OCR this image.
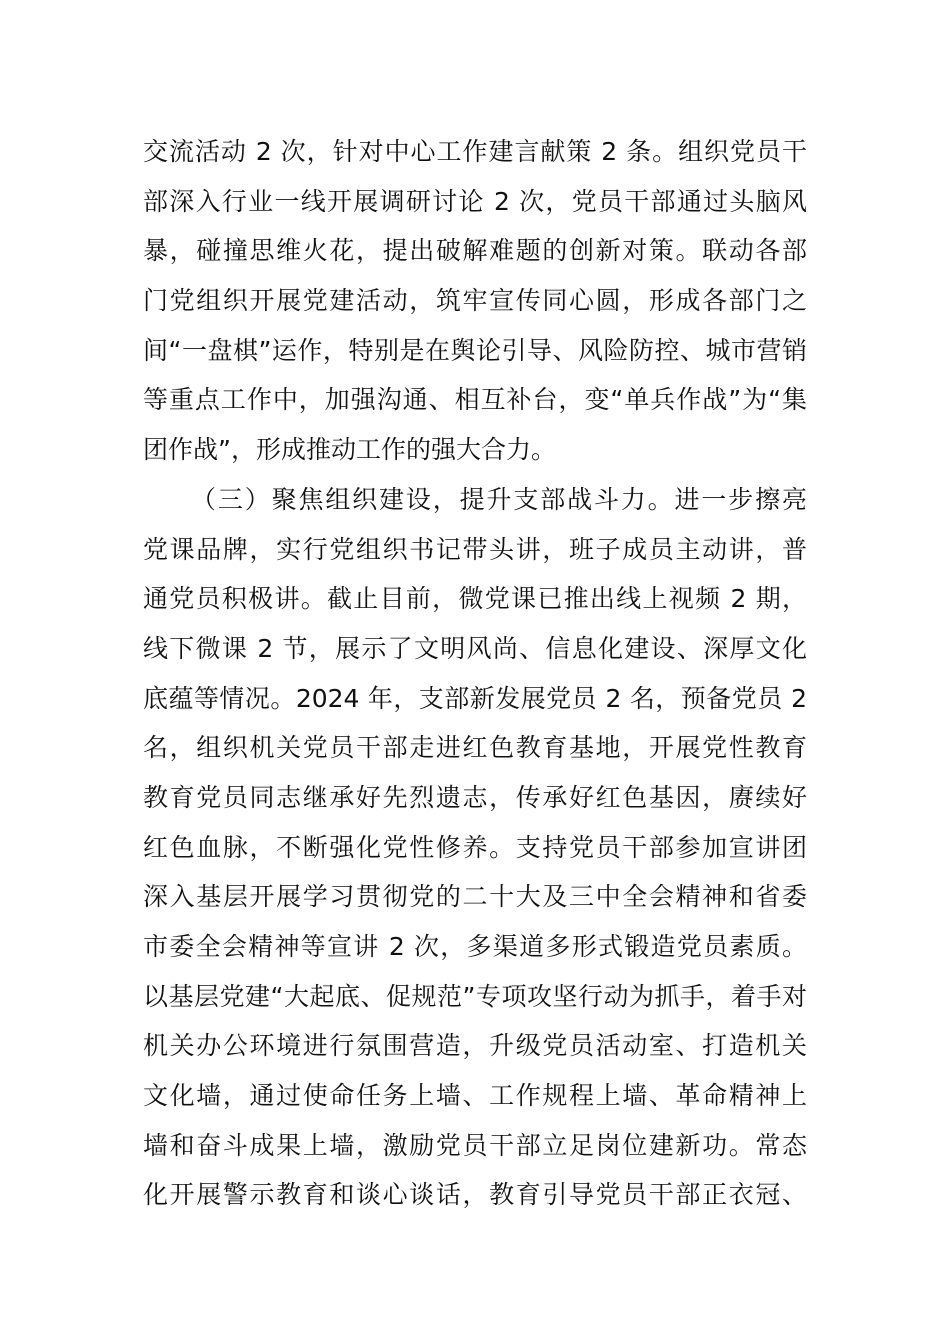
交流活动 2 次，针对中心工作建言献策 2 条。组织党员干
部深入行业一线开展调研讨论 2 次，党员干部通过头脑风
暴，碰撞思维火花，提出破解难题的创新对策。联动各部
门党组织开展党建活动，筑牢宣传同心圆，形成各部门之
间“一盘棋”运作，特别是在舆论引导、风险防控、城市营销
等重点工作中，加强沟通、相互补台，变“单兵作战”为“集
团作战”，形成推动工作的强大合力。
（三）聚焦组织建设，提升支部战斗力。进一步擦亮
党课品牌，实行党组织书记带头讲，班子成员主动讲，普
通党员积极讲。截止目前，微党课已推出线上视频 2 期，
线下微课 2 节，展示了文明风尚、信息化建设、深厚文化
底蕴等情况。2024 年，支部新发展党员 2 名，预备党员 2
名，组织机关党员干部走进红色教育基地，开展党性教育
教育党员同志继承好先烈遗志，传承好红色基因，赓续好
红色血脉，不断强化党性修养。支持党员干部参加宣讲团
深入基层开展学习贯彻党的二十大及三中全会精神和省委
市委全会精神等宣讲 2 次，多渠道多形式锻造党员素质。
以基层党建“大起底、促规范”专项攻坚行动为抓手，着手对
机关办公环境进行氛围营造，升级党员活动室、打造机关
文化墙，通过使命任务上墙、工作规程上墙、革命精神上
墙和奋斗成果上墙，激励党员干部立足岗位建新功。常态
化开展警示教育和谈心谈话，教育引导党员干部正衣冠、
